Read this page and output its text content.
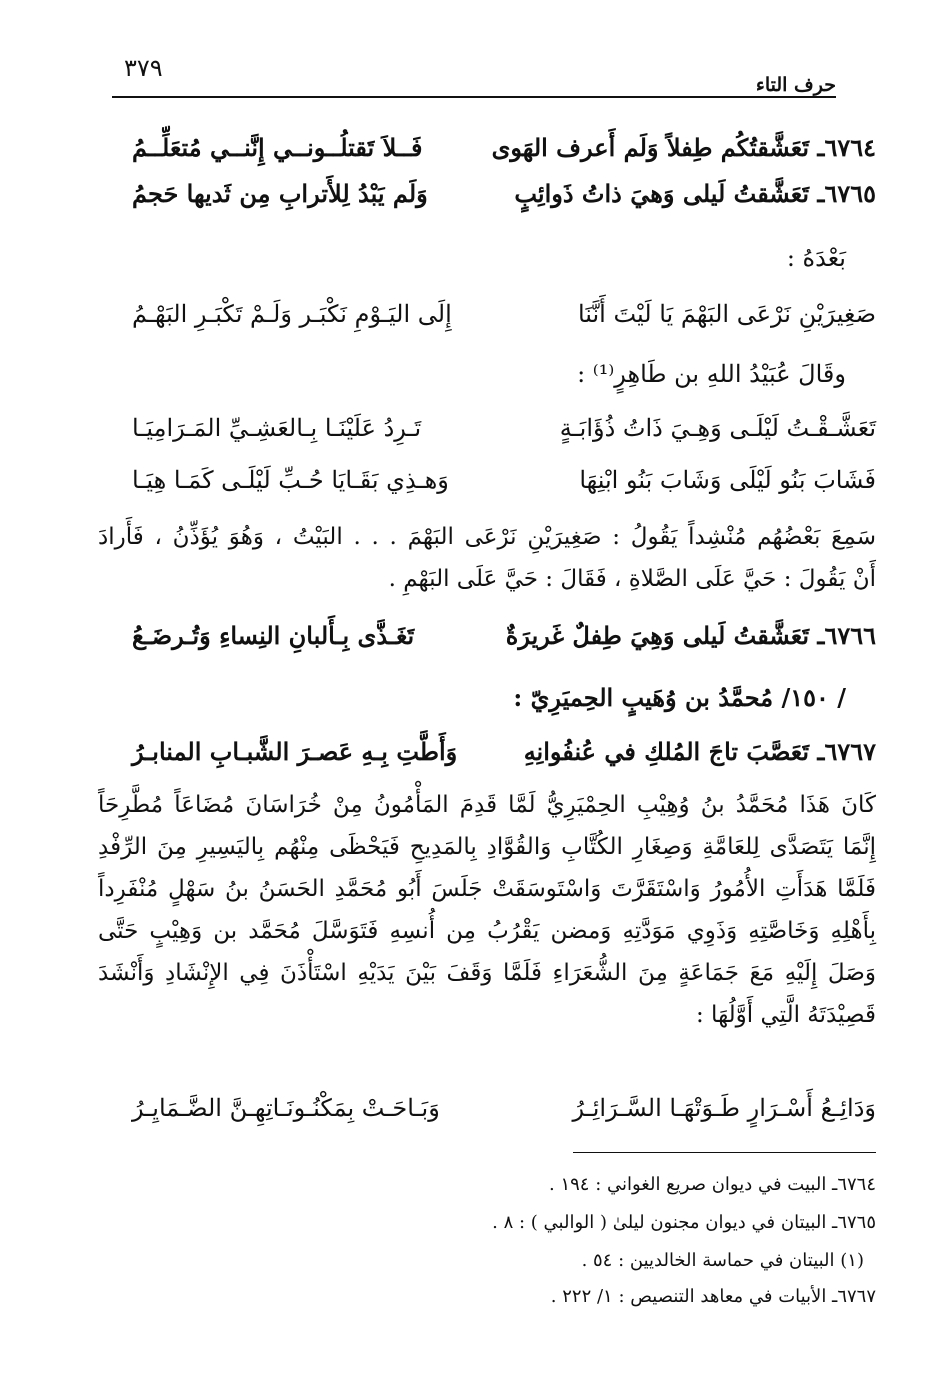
٣٧٩
حرف التاء
٦٧٦٤ـ تَعَشَّقتُكُم طِفلاً وَلَم أَعرف الهَوى
فَــلاَ تَقتلُــونــي إِنَّنــي مُتعَلِّــمُ
٦٧٦٥ـ تَعَشَّقتُ لَيلى وَهيَ ذاتُ ذَوائِبٍ
وَلَم يَبْدُ لِلأَترابِ مِن ثَديها حَجمُ
بَعْدَهُ :
صَغِيرَيْنِ نَرْعَى البَهْمَ يَا لَيْتَ أَنَّنَا
إِلَى اليَـوْمِ نَكْبَـر وَلَـمْ تَكْبَـرِ البَهْـمُ
وقَالَ عُبَيْدُ اللهِ بن طَاهِرٍ⁽¹⁾ :
تَعَشَّـقْـتُ لَيْلَـى وَهِـيَ ذَاتُ ذُؤَابَـةٍ
تَـرِدُ عَلَيْنَـا بِـالعَشِـيِّ المَـرَامِيَـا
فَشَابَ بَنُو لَيْلَى وَشَابَ بَنُو ابْنِهَا
وَهـذِي بَقَـايَا حُـبِّ لَيْلَـى كَمَـا هِيَـا
سَمِعَ بَعْضُهُم مُنْشِداً يَقُولُ : صَغِيرَيْنِ نَرْعَى البَهْمَ . . . البَيْتُ ، وَهُوَ يُؤَذِّنُ ، فَأَرادَ
أَنْ يَقُولَ : حَيَّ عَلَى الصَّلاةِ ، فَقَالَ : حَيَّ عَلَى البَهْمِ .
٦٧٦٦ـ تَعَشَّقتُ لَيلى وَهِيَ طِفلٌ غَريرَةٌ
تَغَـذَّى بِـأَلبانِ النِساءِ وَتُـرضَـعُ
/ ١٥٠/ مُحمَّدُ بن وُهَيبٍ الحِميَرِيّ :
٦٧٦٧ـ تَعَصَّبَ تاجَ المُلكِ في عُنفُوانِهِ
وَأَطَّتِ بِـهِ عَصـرَ الشَّبـابِ المنابـرُ
كَانَ هَذَا مُحَمَّدُ بنُ وُهِيْبِ الحِمْيَرِيُّ لَمَّا قَدِمَ المَأْمُونُ مِنْ خُرَاسَانَ مُضَاعَاً مُطَّرِحَاً
إِنَّمَا يَتَصَدَّى لِلعَامَّةِ وَصِغَارِ الكُتَّابِ وَالقُوَّادِ بِالمَدِيحِ فَيَحْظَى مِنْهُم بِاليَسِيرِ مِنَ الرِّفْدِ
فَلَمَّا هَدَأَتِ الأُمُورُ وَاسْتَقَرَّتَ وَاسْتَوسَقَتْ جَلَسَ أَبُو مُحَمَّدِ الحَسَنُ بنُ سَهْلٍ مُنْفَرِداً
بِأَهْلِهِ وَخَاصَّتِهِ وَذَوِي مَوَدَّتِهِ وَمضن يَقْرُبُ مِن أُنسِهِ فَتَوَسَّلَ مُحَمَّد بن وَهِيْبٍ حَتَّى
وَصَلَ إِلَيْهِ مَعَ جَمَاعَةٍ مِنَ الشُّعَرَاءِ فَلَمَّا وَقَفَ بَيْنَ يَدَيْهِ اسْتَأْذَنَ فِي الإِنْشَادِ وَأَنْشَدَ
قَصِيْدَتَهُ الَّتِي أَوَّلُهَا :
وَدَائِـعُ أَسْـرَارٍ طَـوَتْهَـا السَّـرَائِـرُ
وَبَـاحَـتْ بِمَكْنُـونَـاتِهِـنَّ الضَّـمَايِـرُ
٦٧٦٤ـ البيت في ديوان صريع الغواني : ١٩٤ .
٦٧٦٥ـ البيتان في ديوان مجنون ليلىٰ ( الوالبي ) : ٨ .
(١) البيتان في حماسة الخالديين : ٥٤ .
٦٧٦٧ـ الأبيات في معاهد التنصيص : ١/ ٢٢٢ .
